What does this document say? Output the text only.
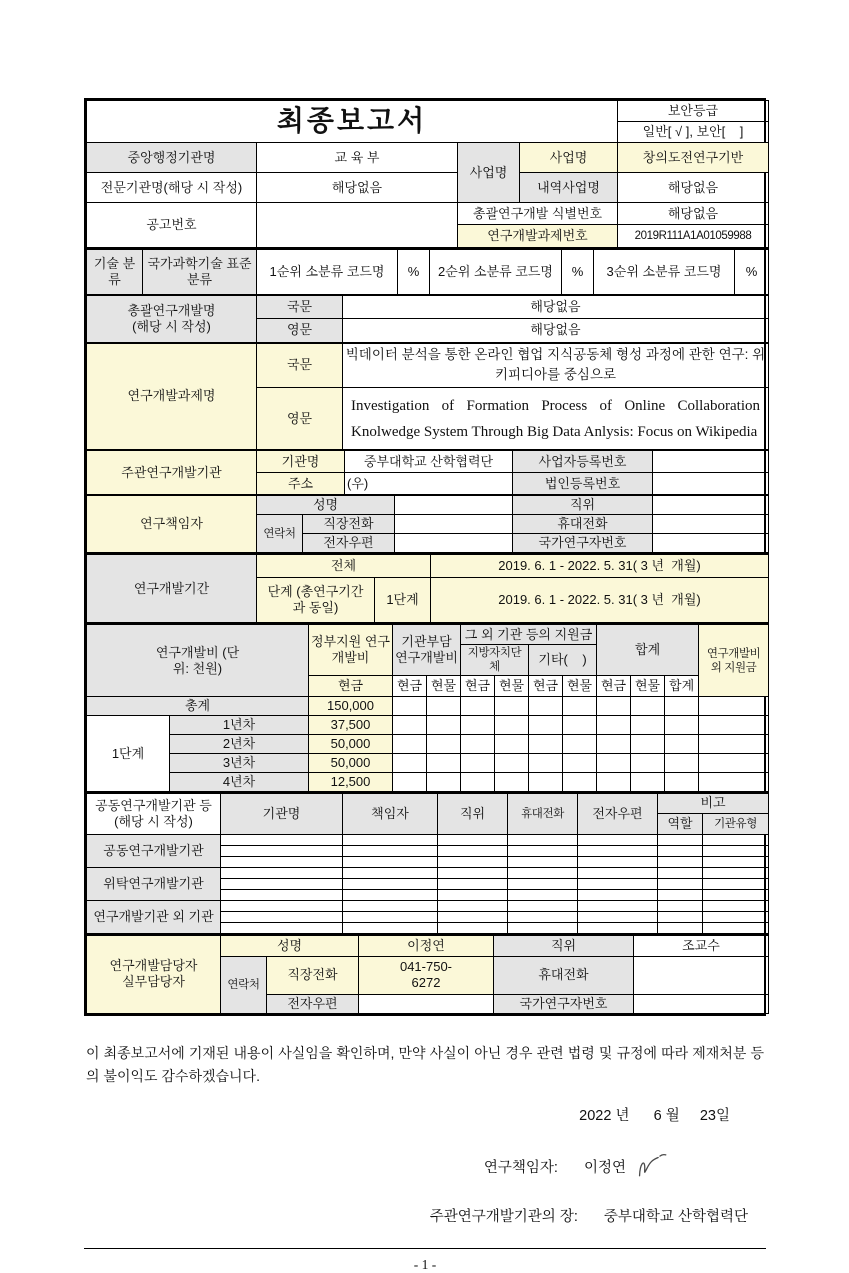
최종보고서				보안등급
				일반[ √ ], 보안[    ]
중앙행정기관명	교 육 부	사업명	사업명	창의도전연구기반
전문기관명(해당 시 작성)	해당없음		내역사업명	해당없음
공고번호		총괄연구개발 식별번호		해당없음
		연구개발과제번호		2019R111A1A01059988
기술 분류	국가과학기술 표준분류	1순위 소분류 코드명	%	2순위 소분류 코드명	%	3순위 소분류 코드명	%
총괄연구개발명 (해당 시 작성)	국문	해당없음
	영문	해당없음
연구개발과제명	국문	빅데이터 분석을 통한 온라인 협업 지식공동체 형성 과정에 관한 연구: 위키피디아를 중심으로
	영문	Investigation of Formation Process of Online Collaboration Knolwedge System Through Big Data Anlysis: Focus on Wikipedia
주관연구개발기관	기관명	중부대학교 산학협력단	사업자등록번호	
	주소	(우)	법인등록번호	
연구책임자	성명			직위	
	연락처	직장전화		휴대전화	
		전자우편		국가연구자번호	
연구개발기간	전체		2019. 6. 1 - 2022. 5. 31( 3 년  개월)
	단계 (총연구기간과 동일)	1단계	2019. 6. 1 - 2022. 5. 31( 3 년  개월)
연구개발비 (단위: 천원)		정부지원 연구개발비	기관부담 연구개발비		그 외 기관 등의 지원금				합계			연구개발비 외 지원금
					지방자치단체		기타(    )					
		현금	현금	현물	현금	현물	현금	현물	현금	현물	합계	
총계		150,000										
1단계	1년차	37,500										
	2년차	50,000										
	3년차	50,000										
	4년차	12,500										
공동연구개발기관 등 (해당 시 작성)	기관명	책임자	직위	휴대전화	전자우편	비고	
						역할	기관유형
공동연구개발기관							

위탁연구개발기관							

연구개발기관 외 기관							

연구개발담당자 실무담당자	성명		이정연	직위	조교수
	연락처	직장전화	041-750-6272	휴대전화	
		전자우편		국가연구자번호	

이 최종보고서에 기재된 내용이 사실임을 확인하며, 만약 사실이 아닌 경우 관련 법령 및 규정에 따라 제재처분 등의 불이익도 감수하겠습니다.

2022 년      6 월     23일
연구책임자: 이정연
주관연구개발기관의 장: 중부대학교 산학협력단
- 1 -
